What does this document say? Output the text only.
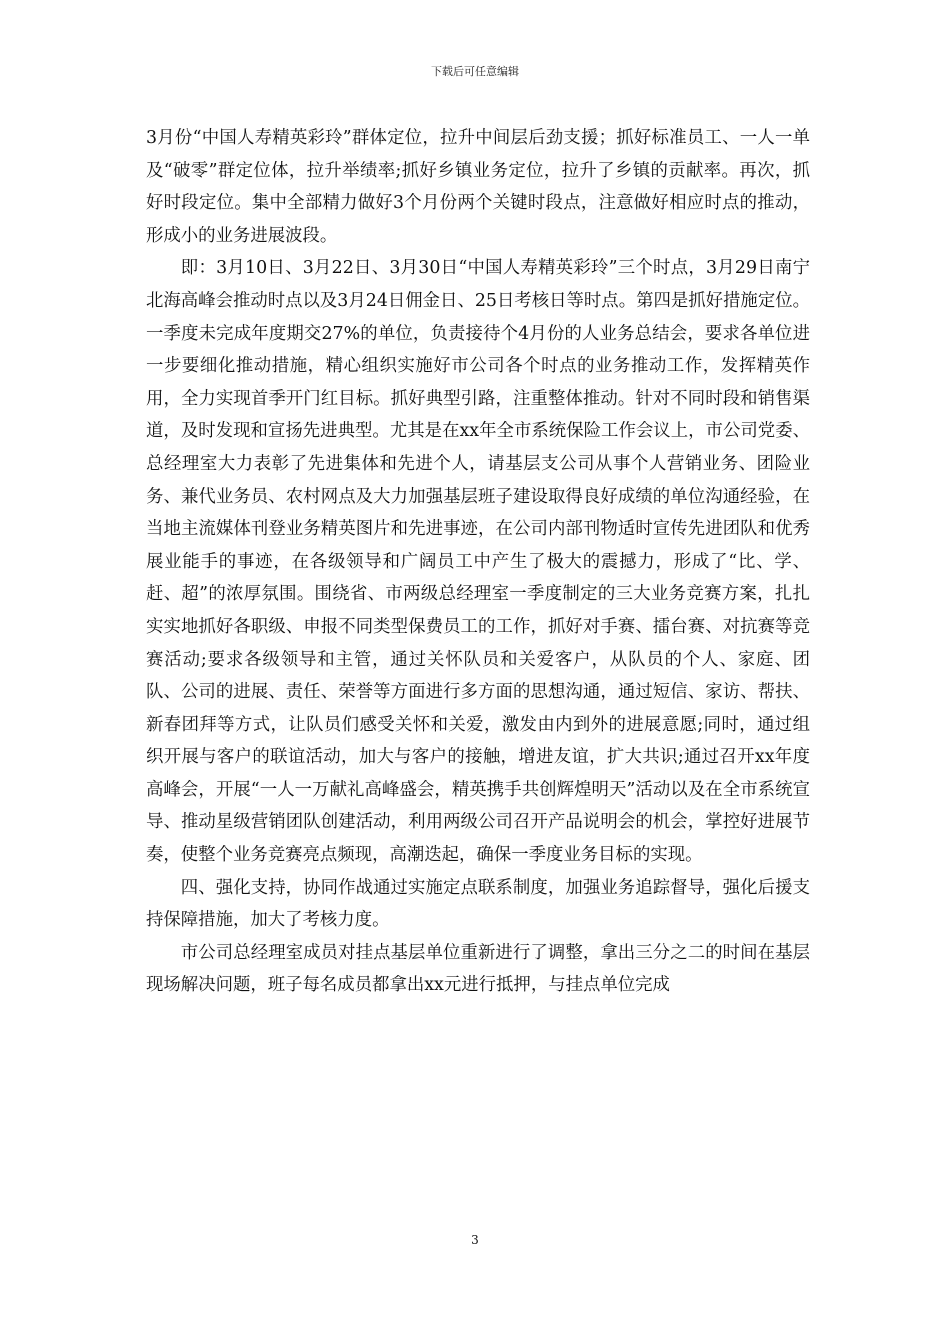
下载后可任意编辑

3月份“中国人寿精英彩玲”群体定位，拉升中间层后劲支援；抓好标准员工、一人一单及“破零”群定位体，拉升举绩率;抓好乡镇业务定位，拉升了乡镇的贡献率。再次，抓好时段定位。集中全部精力做好3个月份两个关键时段点，注意做好相应时点的推动，形成小的业务进展波段。

即：3月10日、3月22日、3月30日“中国人寿精英彩玲”三个时点，3月29日南宁北海高峰会推动时点以及3月24日佣金日、25日考核日等时点。第四是抓好措施定位。一季度未完成年度期交27%的单位，负责接待个4月份的人业务总结会，要求各单位进一步要细化推动措施，精心组织实施好市公司各个时点的业务推动工作，发挥精英作用，全力实现首季开门红目标。抓好典型引路，注重整体推动。针对不同时段和销售渠道，及时发现和宣扬先进典型。尤其是在xx年全市系统保险工作会议上，市公司党委、总经理室大力表彰了先进集体和先进个人，请基层支公司从事个人营销业务、团险业务、兼代业务员、农村网点及大力加强基层班子建设取得良好成绩的单位沟通经验，在当地主流媒体刊登业务精英图片和先进事迹，在公司内部刊物适时宣传先进团队和优秀展业能手的事迹，在各级领导和广阔员工中产生了极大的震撼力，形成了“比、学、赶、超”的浓厚氛围。围绕省、市两级总经理室一季度制定的三大业务竞赛方案，扎扎实实地抓好各职级、申报不同类型保费员工的工作，抓好对手赛、擂台赛、对抗赛等竞赛活动;要求各级领导和主管，通过关怀队员和关爱客户，从队员的个人、家庭、团队、公司的进展、责任、荣誉等方面进行多方面的思想沟通，通过短信、家访、帮扶、新春团拜等方式，让队员们感受关怀和关爱，激发由内到外的进展意愿;同时，通过组织开展与客户的联谊活动，加大与客户的接触，增进友谊，扩大共识;通过召开xx年度高峰会，开展“一人一万献礼高峰盛会，精英携手共创辉煌明天”活动以及在全市系统宣导、推动星级营销团队创建活动，利用两级公司召开产品说明会的机会，掌控好进展节奏，使整个业务竞赛亮点频现，高潮迭起，确保一季度业务目标的实现。

四、强化支持，协同作战通过实施定点联系制度，加强业务追踪督导，强化后援支持保障措施，加大了考核力度。

市公司总经理室成员对挂点基层单位重新进行了调整，拿出三分之二的时间在基层现场解决问题，班子每名成员都拿出xx元进行抵押，与挂点单位完成

3
